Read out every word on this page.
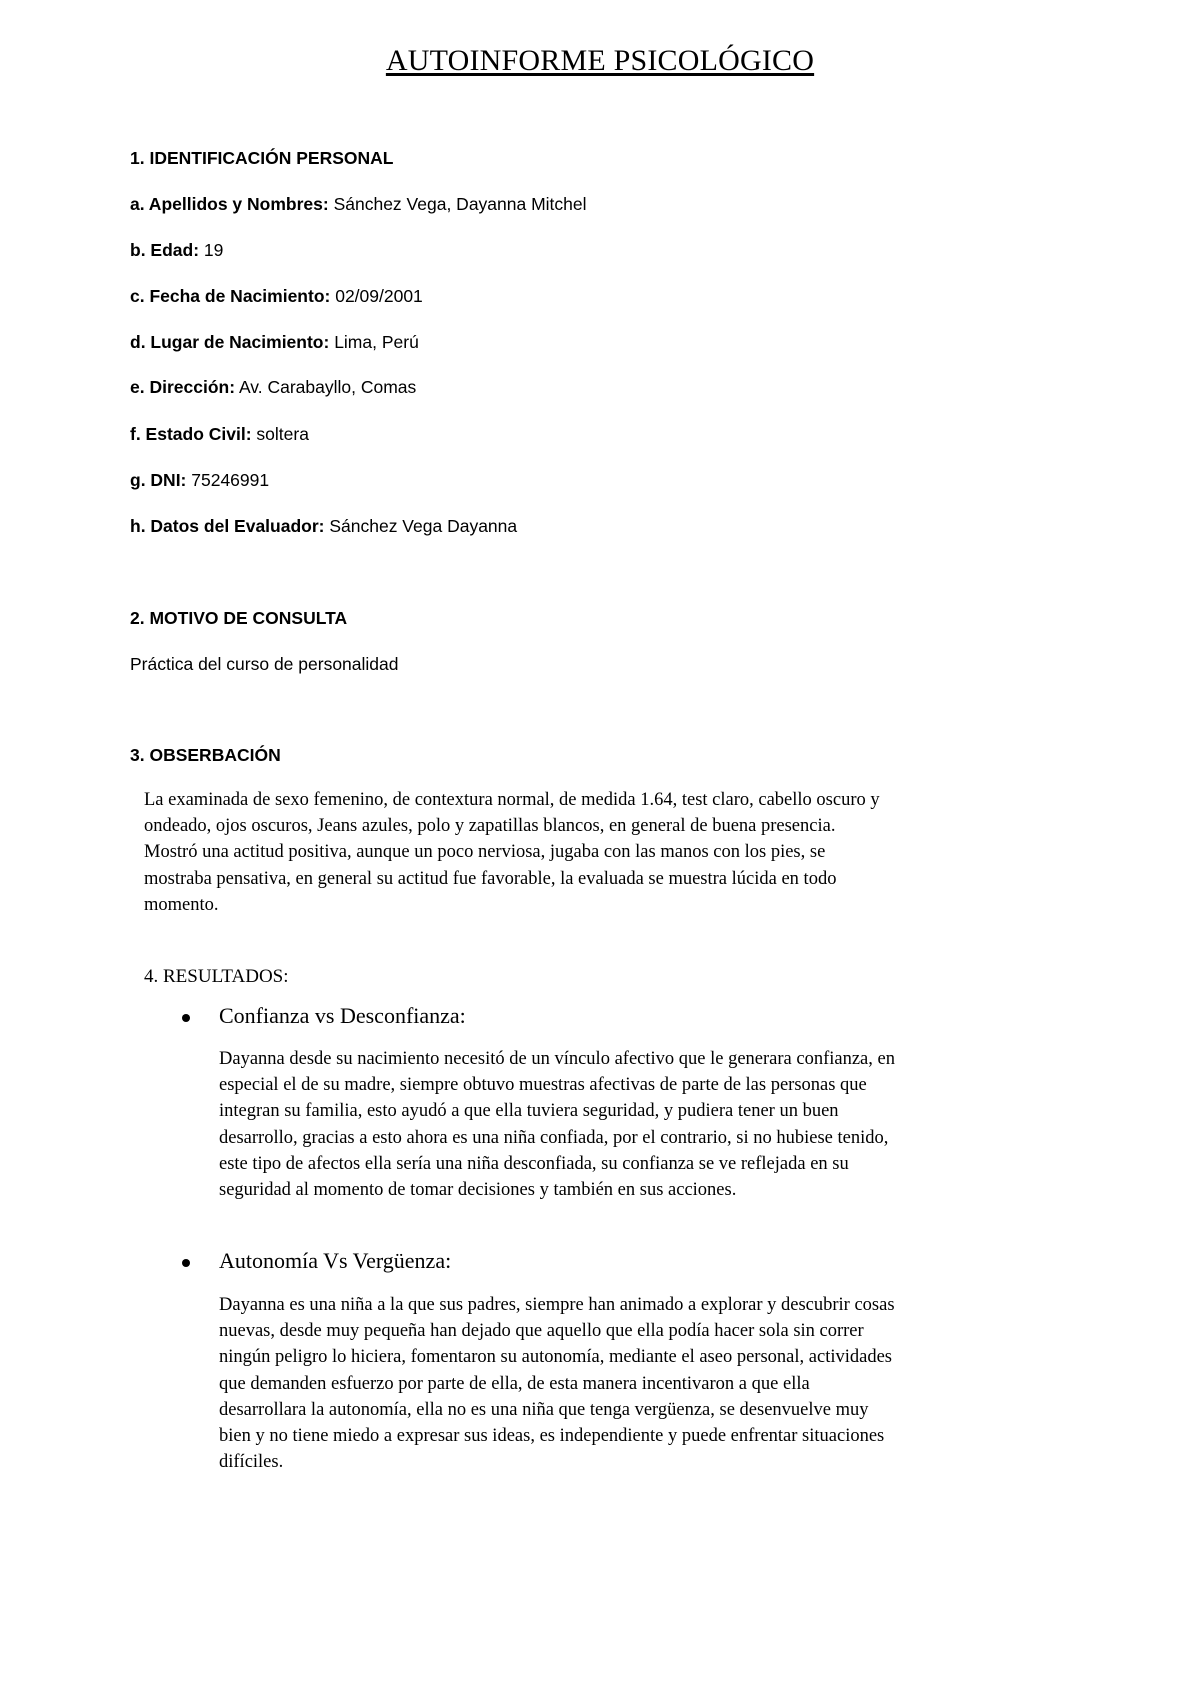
AUTOINFORME PSICOLÓGICO
1. IDENTIFICACIÓN PERSONAL
a. Apellidos y Nombres: Sánchez Vega, Dayanna Mitchel
b. Edad: 19
c. Fecha de Nacimiento: 02/09/2001
d. Lugar de Nacimiento: Lima, Perú
e. Dirección: Av. Carabayllo, Comas
f. Estado Civil: soltera
g. DNI: 75246991
h. Datos del Evaluador: Sánchez Vega Dayanna
2. MOTIVO DE CONSULTA
Práctica del curso de personalidad
3. OBSERBACIÓN

La examinada de sexo femenino, de contextura normal, de medida 1.64, test claro, cabello oscuro y

ondeado, ojos oscuros, Jeans azules, polo y zapatillas blancos, en general de buena presencia.

Mostró una actitud positiva, aunque un poco nerviosa, jugaba con las manos con los pies, se

mostraba pensativa, en general su actitud fue favorable, la evaluada se muestra lúcida en todo

momento.

4. RESULTADOS:
Confianza vs Desconfianza:

Dayanna desde su nacimiento necesitó de un vínculo afectivo que le generara confianza, en

especial el de su madre, siempre obtuvo muestras afectivas de parte de las personas que

integran su familia, esto ayudó a que ella tuviera seguridad, y pudiera tener un buen

desarrollo, gracias a esto ahora es una niña confiada, por el contrario, si no hubiese tenido,

este tipo de afectos ella sería una niña desconfiada, su confianza se ve reflejada en su

seguridad al momento de tomar decisiones y también en sus acciones.

Autonomía Vs Vergüenza:

Dayanna es una niña a la que sus padres, siempre han animado a explorar y descubrir cosas

nuevas, desde muy pequeña han dejado que aquello que ella podía hacer sola sin correr

ningún peligro lo hiciera, fomentaron su autonomía, mediante el aseo personal, actividades

que demanden esfuerzo por parte de ella, de esta manera incentivaron a que ella

desarrollara la autonomía, ella no es una niña que tenga vergüenza, se desenvuelve muy

bien y no tiene miedo a expresar sus ideas, es independiente y puede enfrentar situaciones

difíciles.
